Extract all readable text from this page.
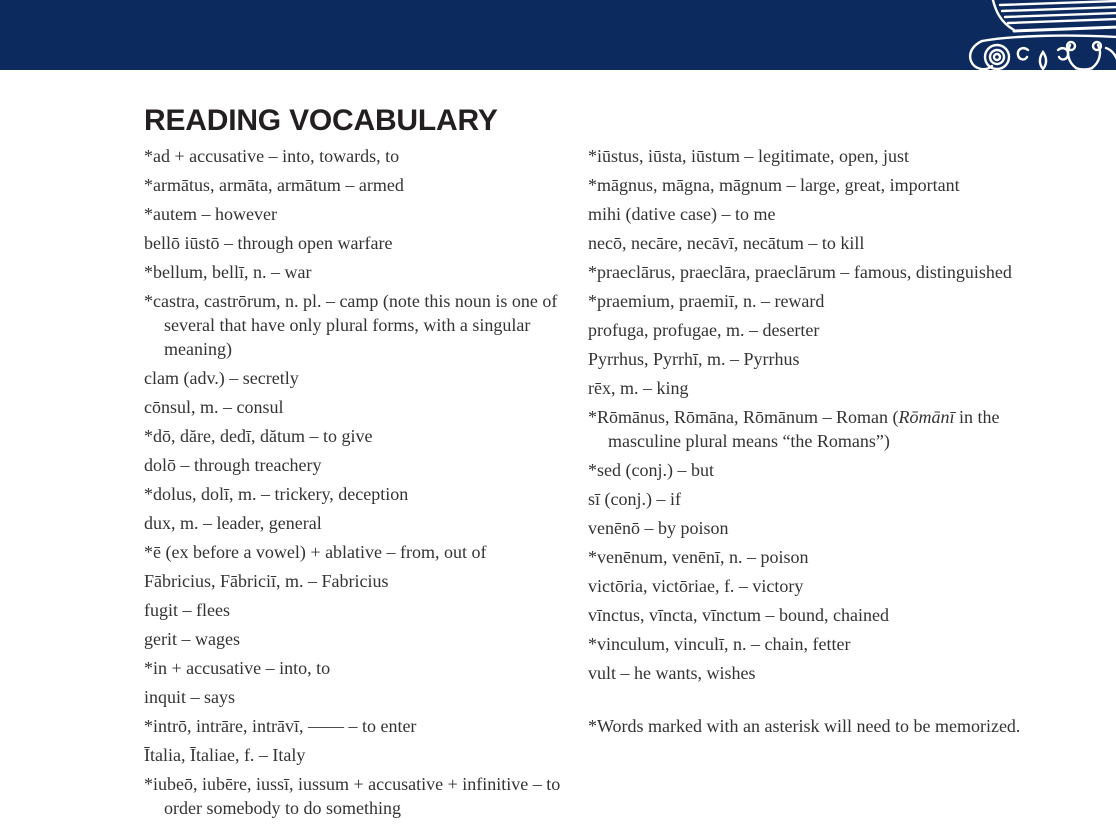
READING VOCABULARY
*ad + accusative – into, towards, to
*armātus, armāta, armātum – armed
*autem – however
bellō iūstō – through open warfare
*bellum, bellī, n. – war
*castra, castrōrum, n. pl. – camp (note this noun is one of several that have only plural forms, with a singular meaning)
clam (adv.) – secretly
cōnsul, m. – consul
*dō, dăre, dedī, dătum – to give
dolō – through treachery
*dolus, dolī, m. – trickery, deception
dux, m. – leader, general
*ē (ex before a vowel) + ablative – from, out of
Fābricius, Fābriciī, m. – Fabricius
fugit – flees
gerit – wages
*in + accusative – into, to
inquit – says
*intrō, intrāre, intrāvī, —— – to enter
Ītalia, Ītaliae, f. – Italy
*iubeō, iubēre, iussī, iussum + accusative + infinitive – to order somebody to do something
*iūstus, iūsta, iūstum – legitimate, open, just
*māgnus, māgna, māgnum – large, great, important
mihi (dative case) – to me
necō, necāre, necāvī, necātum – to kill
*praeclārus, praeclāra, praeclārum – famous, distinguished
*praemium, praemiī, n. – reward
profuga, profugae, m. – deserter
Pyrrhus, Pyrrhī, m. – Pyrrhus
rēx, m. – king
*Rōmānus, Rōmāna, Rōmānum – Roman (Rōmānī in the masculine plural means “the Romans”)
*sed (conj.) – but
sī (conj.) – if
venēnō – by poison
*venēnum, venēnī, n. – poison
victōria, victōriae, f. – victory
vīnctus, vīncta, vīnctum – bound, chained
*vinculum, vinculī, n. – chain, fetter
vult – he wants, wishes
*Words marked with an asterisk will need to be memorized.
